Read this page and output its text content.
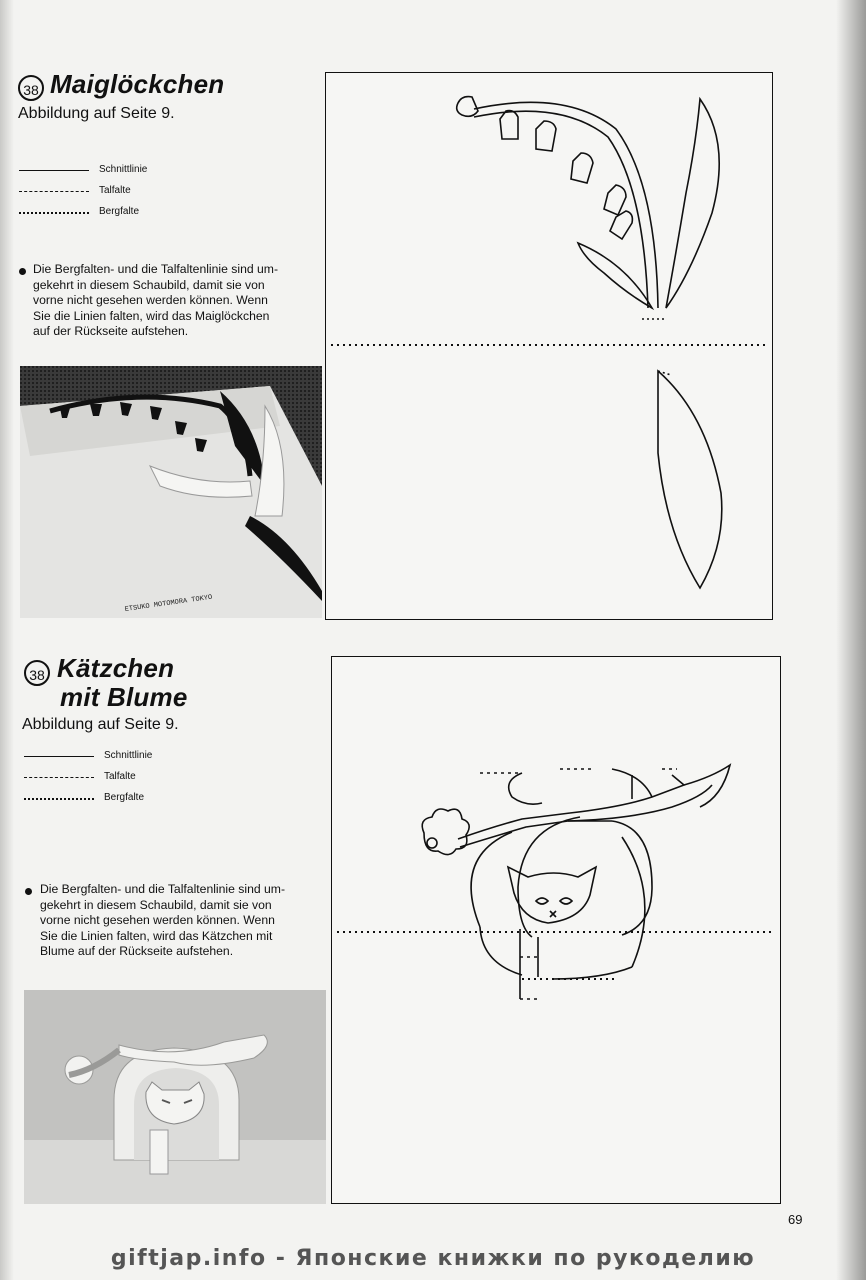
38 Maiglöckchen
Abbildung auf Seite 9.
Schnittlinie
Talfalte
Bergfalte
Die Bergfalten- und die Talfaltenlinie sind um-
gekehrt in diesem Schaubild, damit sie von
vorne nicht gesehen werden können. Wenn
Sie die Linien falten, wird das Maiglöckchen
auf der Rückseite aufstehen.
ETSUKO MOTOMORA TOKYO
38 Kätzchen
mit Blume
Abbildung auf Seite 9.
Schnittlinie
Talfalte
Bergfalte
Die Bergfalten- und die Talfaltenlinie sind um-
gekehrt in diesem Schaubild, damit sie von
vorne nicht gesehen werden können. Wenn
Sie die Linien falten, wird das Kätzchen mit
Blume auf der Rückseite aufstehen.
69
giftjap.info - Японские книжки по рукоделию
